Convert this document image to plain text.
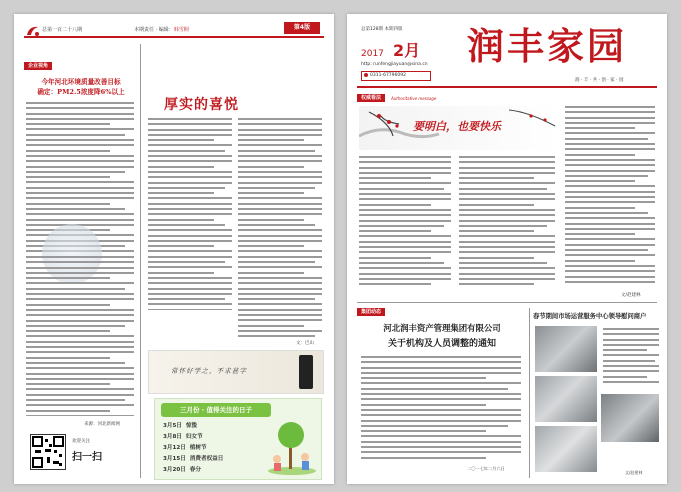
总第一百二十八期	本期责任 · 编辑：韩雪桐	第4版
企业视角
今年河北环境质量改善目标
确定：PM2.5浓度降6%以上
来源：河北新闻网
欢迎关注
扫一扫
厚实的喜悦
文：巴山
常怀好学之，不求甚字
三月份 · 值得关注的日子
3月5日 惊蛰
3月8日 妇女节
3月12日 植树节
3月15日 消费者权益日
3月20日 春分
总第128期 本期四版
2017 2月
http: runfengjiayuan@sina.cn
0311-67796092
润丰家园
润 · 丰 · 共 · 创 · 家 · 园
权威看法	Authoritative message
要明白，也要快乐
文/赵建林
集团动态
河北润丰资产管理集团有限公司
关于机构及人员调整的通知
二〇一七年二月六日
春节期间市场运营服务中心领导慰问商户
文/赵建林
